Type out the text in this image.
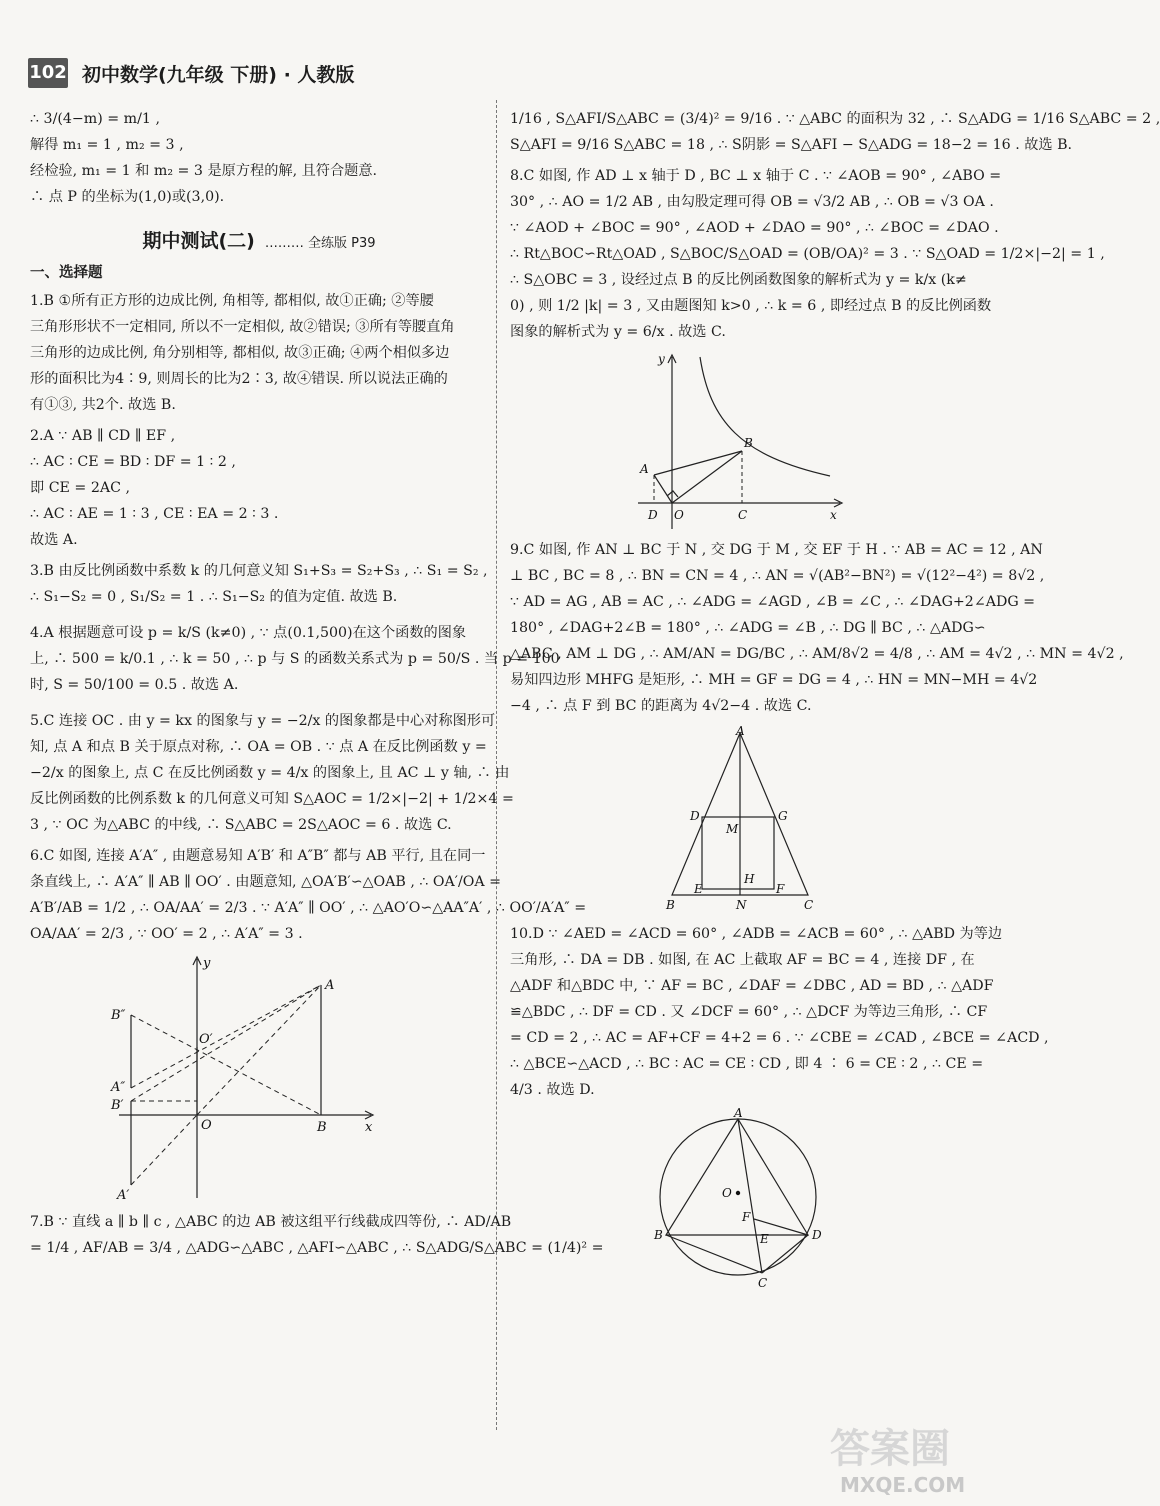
102 初中数学(九年级 下册) · 人教版

∴ 3/(4−m) = m/1 ,

解得 m₁ = 1 , m₂ = 3 ,

经检验, m₁ = 1 和 m₂ = 3 是原方程的解, 且符合题意.

∴ 点 P 的坐标为(1,0)或(3,0).

期中测试(二) ……… 全练版 P39
一、选择题

1.B ①所有正方形的边成比例, 角相等, 都相似, 故①正确; ②等腰

三角形形状不一定相同, 所以不一定相似, 故②错误; ③所有等腰直角

三角形的边成比例, 角分别相等, 都相似, 故③正确; ④两个相似多边

形的面积比为4∶9, 则周长的比为2∶3, 故④错误. 所以说法正确的

有①③, 共2个. 故选 B.

2.A ∵ AB ∥ CD ∥ EF ,

∴ AC ∶ CE = BD ∶ DF = 1 ∶ 2 ,

即 CE = 2AC ,

∴ AC ∶ AE = 1 ∶ 3 , CE ∶ EA = 2 ∶ 3 .

故选 A.

3.B 由反比例函数中系数 k 的几何意义知 S₁+S₃ = S₂+S₃ , ∴ S₁ = S₂ ,

∴ S₁−S₂ = 0 , S₁/S₂ = 1 . ∴ S₁−S₂ 的值为定值. 故选 B.

4.A 根据题意可设 p = k/S (k≠0) , ∵ 点(0.1,500)在这个函数的图象

上, ∴ 500 = k/0.1 , ∴ k = 50 , ∴ p 与 S 的函数关系式为 p = 50/S . 当 p = 100

时, S = 50/100 = 0.5 . 故选 A.

5.C 连接 OC . 由 y = kx 的图象与 y = −2/x 的图象都是中心对称图形可

知, 点 A 和点 B 关于原点对称, ∴ OA = OB . ∵ 点 A 在反比例函数 y =

−2/x 的图象上, 点 C 在反比例函数 y = 4/x 的图象上, 且 AC ⊥ y 轴, ∴ 由

反比例函数的比例系数 k 的几何意义可知 S△AOC = 1/2×|−2| + 1/2×4 =

3 , ∵ OC 为△ABC 的中线, ∴ S△ABC = 2S△AOC = 6 . 故选 C.

6.C 如图, 连接 A′A″ , 由题意易知 A′B′ 和 A″B″ 都与 AB 平行, 且在同一

条直线上, ∴ A′A″ ∥ AB ∥ OO′ . 由题意知, △OA′B′∽△OAB , ∴ OA′/OA =

A′B′/AB = 1/2 , ∴ OA/AA′ = 2/3 . ∵ A′A″ ∥ OO′ , ∴ △AO′O∽△AA″A′ , ∴ OO′/A′A″ =

OA/AA′ = 2/3 , ∵ OO′ = 2 , ∴ A′A″ = 3 .

y
A
B″
O′
A″
B′
O	B	x
A′

7.B ∵ 直线 a ∥ b ∥ c , △ABC 的边 AB 被这组平行线截成四等份, ∴ AD/AB

= 1/4 , AF/AB = 3/4 , △ADG∽△ABC , △AFI∽△ABC , ∴ S△ADG/S△ABC = (1/4)² =

1/16 , S△AFI/S△ABC = (3/4)² = 9/16 . ∵ △ABC 的面积为 32 , ∴ S△ADG = 1/16 S△ABC = 2 ,

S△AFI = 9/16 S△ABC = 18 , ∴ S阴影 = S△AFI − S△ADG = 18−2 = 16 . 故选 B.

8.C 如图, 作 AD ⊥ x 轴于 D , BC ⊥ x 轴于 C . ∵ ∠AOB = 90° , ∠ABO =

30° , ∴ AO = 1/2 AB , 由勾股定理可得 OB = √3/2 AB , ∴ OB = √3 OA .

∵ ∠AOD + ∠BOC = 90° , ∠AOD + ∠DAO = 90° , ∴ ∠BOC = ∠DAO .

∴ Rt△BOC∽Rt△OAD , S△BOC/S△OAD = (OB/OA)² = 3 . ∵ S△OAD = 1/2×|−2| = 1 ,

∴ S△OBC = 3 , 设经过点 B 的反比例函数图象的解析式为 y = k/x (k≠

0) , 则 1/2 |k| = 3 , 又由题图知 k>0 , ∴ k = 6 , 即经过点 B 的反比例函数

图象的解析式为 y = 6/x . 故选 C.

y
A
B
D O	C	x

9.C 如图, 作 AN ⊥ BC 于 N , 交 DG 于 M , 交 EF 于 H . ∵ AB = AC = 12 , AN

⊥ BC , BC = 8 , ∴ BN = CN = 4 , ∴ AN = √(AB²−BN²) = √(12²−4²) = 8√2 ,

∵ AD = AG , AB = AC , ∴ ∠ADG = ∠AGD , ∠B = ∠C , ∴ ∠DAG+2∠ADG =

180° , ∠DAG+2∠B = 180° , ∴ ∠ADG = ∠B , ∴ DG ∥ BC , ∴ △ADG∽

△ABC , AM ⊥ DG , ∴ AM/AN = DG/BC , ∴ AM/8√2 = 4/8 , ∴ AM = 4√2 , ∴ MN = 4√2 ,

易知四边形 MHFG 是矩形, ∴ MH = GF = DG = 4 , ∴ HN = MN−MH = 4√2

−4 , ∴ 点 F 到 BC 的距离为 4√2−4 . 故选 C.

A
D	G
M
H
B
E
N
F
C

10.D ∵ ∠AED = ∠ACD = 60° , ∠ADB = ∠ACB = 60° , ∴ △ABD 为等边

三角形, ∴ DA = DB . 如图, 在 AC 上截取 AF = BC = 4 , 连接 DF , 在

△ADF 和△BDC 中, ∵ AF = BC , ∠DAF = ∠DBC , AD = BD , ∴ △ADF

≌△BDC , ∴ DF = CD . 又 ∠DCF = 60° , ∴ △DCF 为等边三角形, ∴ CF

= CD = 2 , ∴ AC = AF+CF = 4+2 = 6 . ∵ ∠CBE = ∠CAD , ∠BCE = ∠ACD ,

∴ △BCE∽△ACD , ∴ BC ∶ AC = CE ∶ CD , 即 4 ∶ 6 = CE ∶ 2 , ∴ CE =

4/3 . 故选 D.

A
O
F
B	E	D
C
答案圈
MXQE.COM
